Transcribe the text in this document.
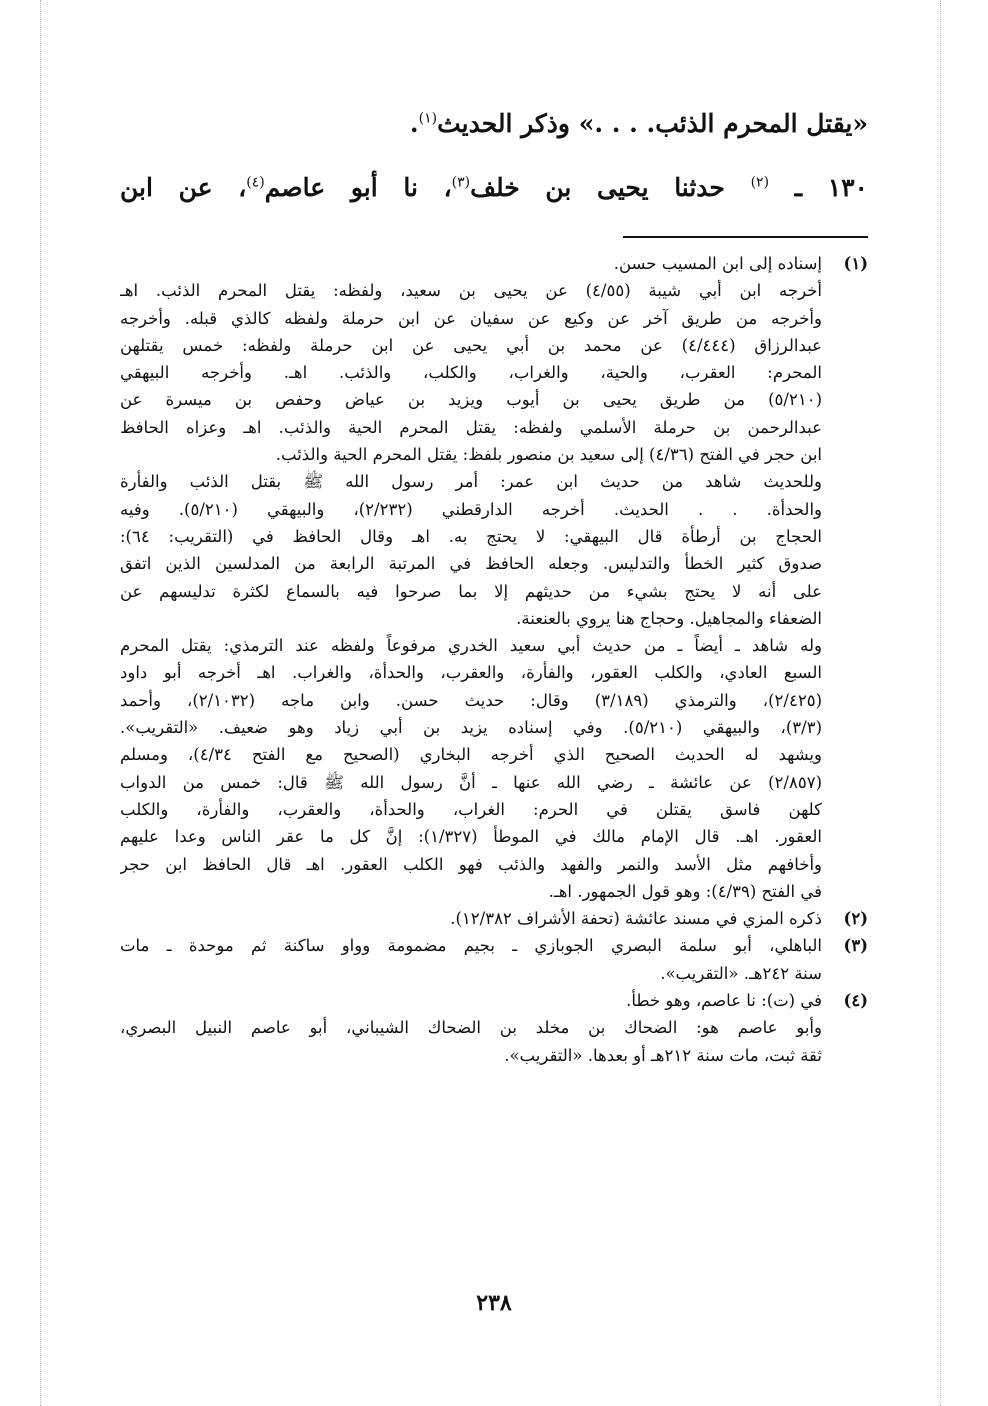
«يقتل المحرم الذئب. . . .» وذكر الحديث$^{(١)}$.
١٣٠ ـ $^{(٢)}$ حدثنا يحيى بن خلف$^{(٣)}$، نا أبو عاصم$^{(٤)}$، عن ابن
(١)
إسناده إلى ابن المسيب حسن.
أخرجه ابن أبي شيبة (٤/٥٥) عن يحيى بن سعيد، ولفظه: يقتل المحرم الذئب. اهـ
وأخرجه من طريق آخر عن وكيع عن سفيان عن ابن حرملة ولفظه كالذي قبله. وأخرجه
عبدالرزاق (٤/٤٤٤) عن محمد بن أبي يحيى عن ابن حرملة ولفظه: خمس يقتلهن
المحرم: العقرب، والحية، والغراب، والكلب، والذئب. اهـ. وأخرجه البيهقي
(٥/٢١٠) من طريق يحيى بن أيوب ويزيد بن عياض وحفص بن ميسرة عن
عبدالرحمن بن حرملة الأسلمي ولفظه: يقتل المحرم الحية والذئب. اهـ وعزاه الحافظ
ابن حجر في الفتح (٤/٣٦) إلى سعيد بن منصور بلفظ: يقتل المحرم الحية والذئب.
وللحديث شاهد من حديث ابن عمر: أمر رسول الله ﷺ بقتل الذئب والفأرة
والحدأة. . . الحديث. أخرجه الدارقطني (٢/٢٣٢)، والبيهقي (٥/٢١٠). وفيه
الحجاج بن أرطأة قال البيهقي: لا يحتج به. اهـ وقال الحافظ في (التقريب: ٦٤):
صدوق كثير الخطأ والتدليس. وجعله الحافظ في المرتبة الرابعة من المدلسين الذين اتفق
على أنه لا يحتج بشيء من حديثهم إلا بما صرحوا فيه بالسماع لكثرة تدليسهم عن
الضعفاء والمجاهيل. وحجاج هنا يروي بالعنعنة.
وله شاهد ـ أيضاً ـ من حديث أبي سعيد الخدري مرفوعاً ولفظه عند الترمذي: يقتل المحرم
السبع العادي، والكلب العقور، والفأرة، والعقرب، والحدأة، والغراب. اهـ أخرجه أبو داود
(٢/٤٢٥)، والترمذي (٣/١٨٩) وقال: حديث حسن. وابن ماجه (٢/١٠٣٢)، وأحمد
(٣/٣)، والبيهقي (٥/٢١٠). وفي إسناده يزيد بن أبي زياد وهو ضعيف. «التقريب».
ويشهد له الحديث الصحيح الذي أخرجه البخاري (الصحيح مع الفتح ٤/٣٤)، ومسلم
(٢/٨٥٧) عن عائشة ـ رضي الله عنها ـ أنَّ رسول الله ﷺ قال: خمس من الدواب
كلهن فاسق يقتلن في الحرم: الغراب، والحدأة، والعقرب، والفأرة، والكلب
العقور. اهـ. قال الإمام مالك في الموطأ (١/٣٢٧): إنَّ كل ما عقر الناس وعدا عليهم
وأخافهم مثل الأسد والنمر والفهد والذئب فهو الكلب العقور. اهـ قال الحافظ ابن حجر
في الفتح (٤/٣٩): وهو قول الجمهور. اهـ.
(٢)
ذكره المزي في مسند عائشة (تحفة الأشراف ١٢/٣٨٢).
(٣)
الباهلي، أبو سلمة البصري الجوبازي ـ بجيم مضمومة وواو ساكنة ثم موحدة ـ مات
سنة ٢٤٢هـ. «التقريب».
(٤)
في (ت): نا عاصم، وهو خطأ.
وأبو عاصم هو: الضحاك بن مخلد بن الضحاك الشيباني، أبو عاصم النبيل البصري،
ثقة ثبت، مات سنة ٢١٢هـ أو بعدها. «التقريب».
٢٣٨
